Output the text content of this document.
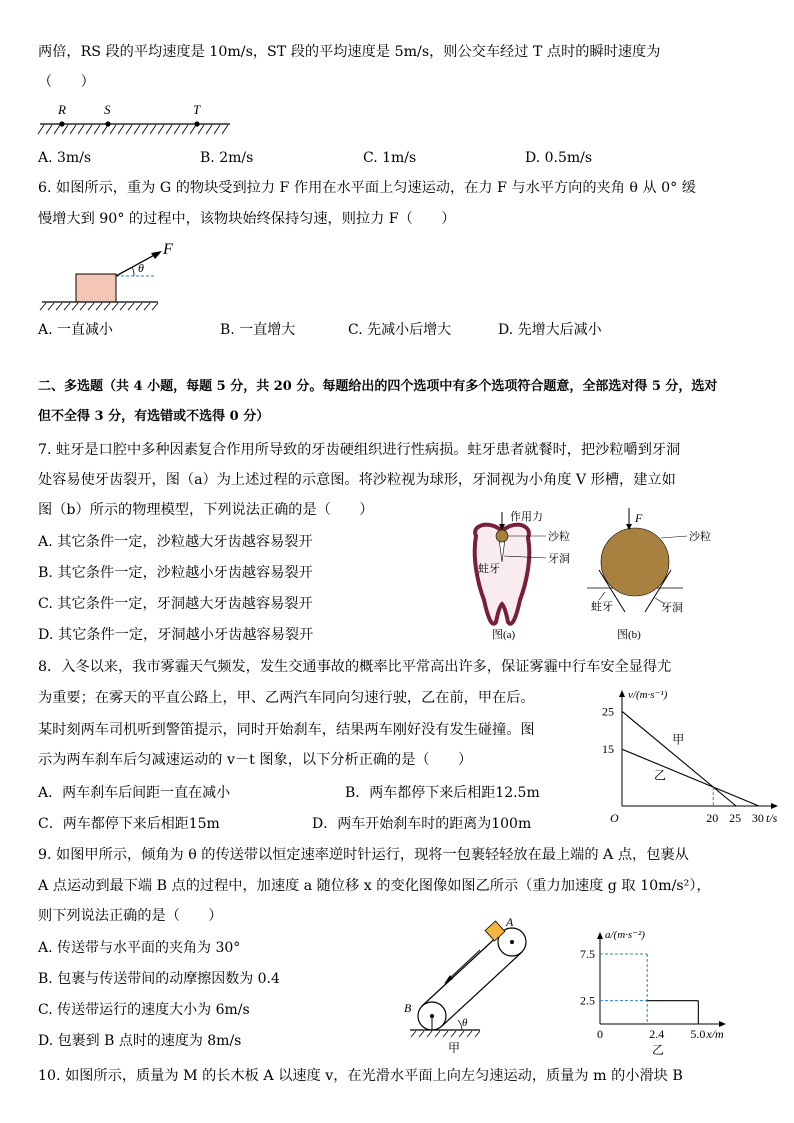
两倍，RS 段的平均速度是 10m/s，ST 段的平均速度是 5m/s，则公交车经过 T 点时的瞬时速度为
（　　）
R	S	T
A. 3m/s	B. 2m/s	C. 1m/s	D. 0.5m/s
6. 如图所示，重为 G 的物块受到拉力 F 作用在水平面上匀速运动，在力 F 与水平方向的夹角 θ 从 0° 缓
慢增大到 90° 的过程中，该物块始终保持匀速，则拉力 F（　　）
F
θ
A. 一直减小	B. 一直增大	C. 先减小后增大	D. 先增大后减小
二、多选题（共 4 小题，每题 5 分，共 20 分。每题给出的四个选项中有多个选项符合题意，全部选对得 5 分，选对
但不全得 3 分，有选错或不选得 0 分）
7. 蛀牙是口腔中多种因素复合作用所导致的牙齿硬组织进行性病损。蛀牙患者就餐时，把沙粒嚼到牙洞
处容易使牙齿裂开，图（a）为上述过程的示意图。将沙粒视为球形，牙洞视为小角度 V 形槽，建立如
图（b）所示的物理模型，下列说法正确的是（　　）
A. 其它条件一定，沙粒越大牙齿越容易裂开
B. 其它条件一定，沙粒越小牙齿越容易裂开
C. 其它条件一定，牙洞越大牙齿越容易裂开
D. 其它条件一定，牙洞越小牙齿越容易裂开
作用力
沙粒
牙洞
蛀牙
图(a)
F
沙粒
蛀牙	牙洞
图(b)
8．入冬以来，我市雾霾天气频发，发生交通事故的概率比平常高出许多，保证雾霾中行车安全显得尤
为重要；在雾天的平直公路上，甲、乙两汽车同向匀速行驶，乙在前，甲在后。
某时刻两车司机听到警笛提示，同时开始刹车，结果两车刚好没有发生碰撞。图
示为两车刹车后匀减速运动的 v－t 图象，以下分析正确的是（　　）
A．两车刹车后间距一直在减小	B．两车都停下来后相距12.5m
C．两车都停下来后相距15m	D．两车开始刹车时的距离为100m	20 25 30
15
25
甲
乙
v/(m·s⁻¹)
t/s
O
9. 如图甲所示，倾角为 θ 的传送带以恒定速率逆时针运行，现将一包裹轻轻放在最上端的 A 点，包裹从
A 点运动到最下端 B 点的过程中，加速度 a 随位移 x 的变化图像如图乙所示（重力加速度 g 取 10m/s²），
则下列说法正确的是（　　）
A. 传送带与水平面的夹角为 30°
B. 包裹与传送带间的动摩擦因数为 0.4
C. 传送带运行的速度大小为 6m/s
D. 包裹到 B 点时的速度为 8m/s
A
B
θ
甲
0	2.4 5.0
2.5
7.5
a/(m·s⁻²)
x/m
乙
10. 如图所示，质量为 M 的长木板 A 以速度 v，在光滑水平面上向左匀速运动，质量为 m 的小滑块 B
